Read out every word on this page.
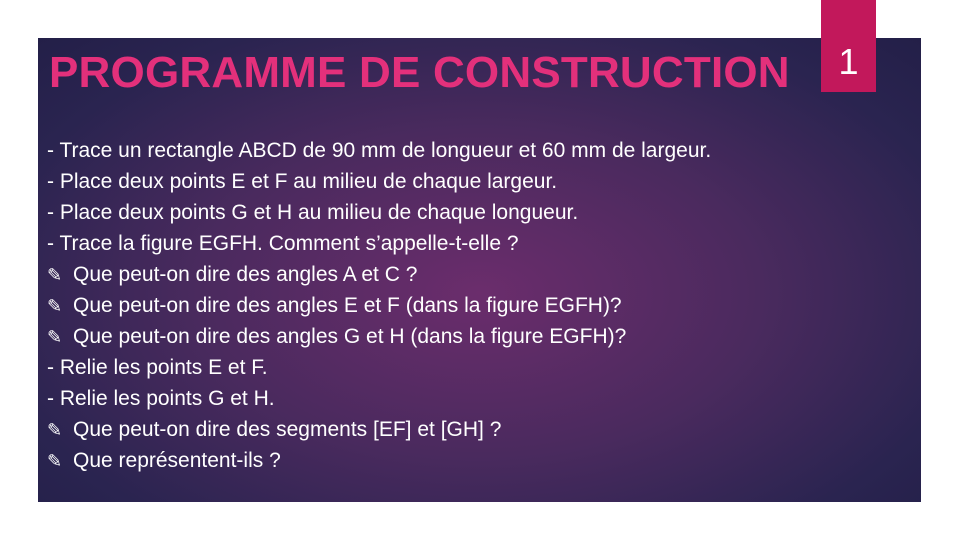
PROGRAMME DE CONSTRUCTION	1
- Trace un rectangle ABCD de 90 mm de longueur et 60 mm de largeur.
- Place deux points E et F au milieu de chaque largeur.
- Place deux points G et H au milieu de chaque longueur.
- Trace la figure EGFH. Comment s’appelle-t-elle ?
✎ Que peut-on dire des angles A et C ?
✎ Que peut-on dire des angles E et F (dans la figure EGFH)?
✎ Que peut-on dire des angles G et H (dans la figure EGFH)?
- Relie les points E et F.
- Relie les points G et H.
✎ Que peut-on dire des segments [EF] et [GH] ?
✎ Que représentent-ils ?
